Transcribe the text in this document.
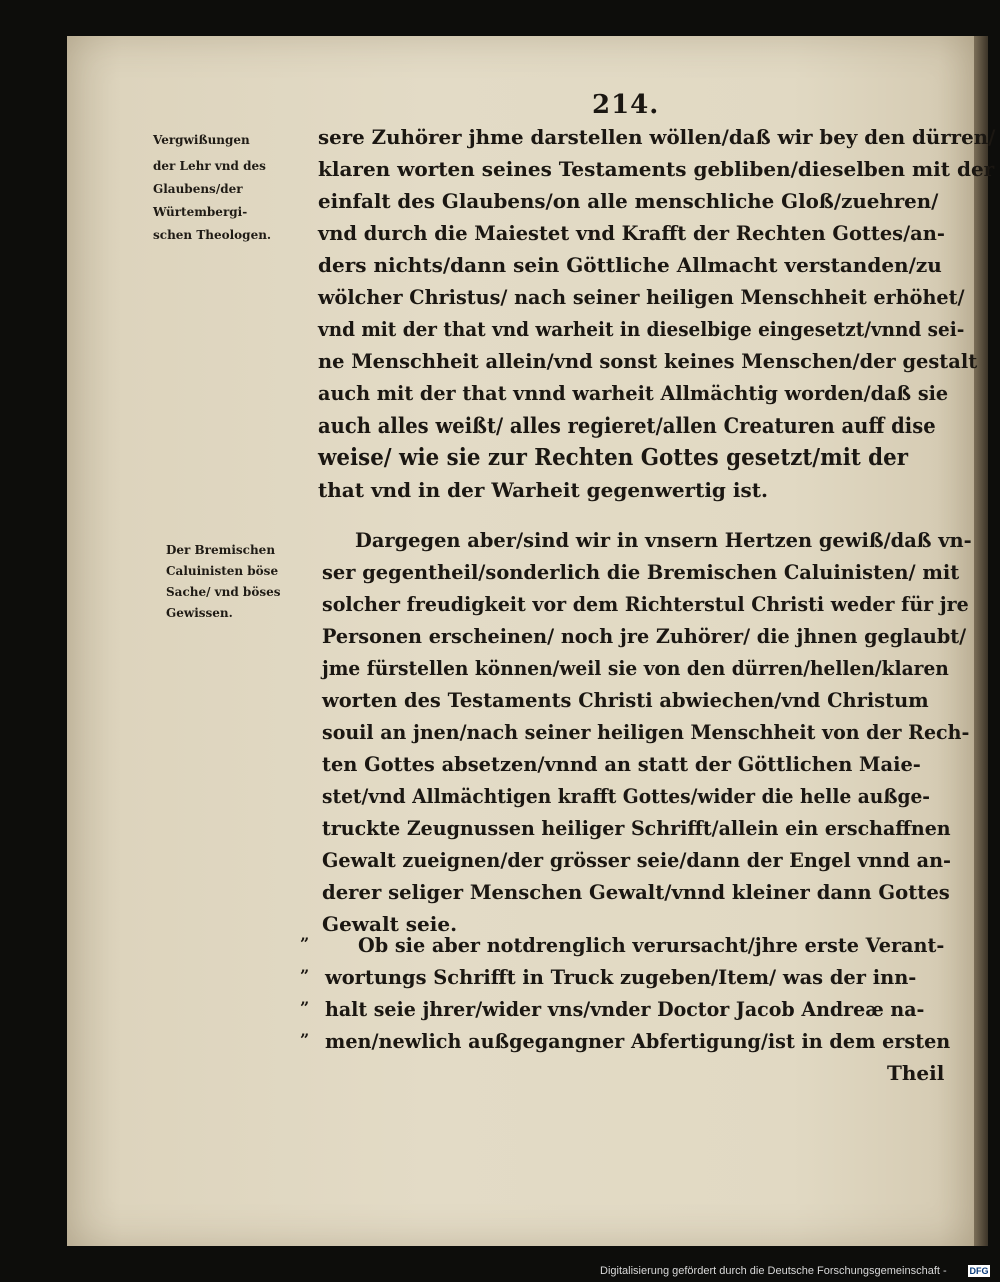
214.
Vergwißungen
der Lehr vnd des
Glaubens/der
Würtembergi-
schen Theologen.
Der Bremischen
Caluinisten böse
Sache/ vnd böses
Gewissen.
sere Zuhörer jhme darstellen wöllen/daß wir bey den dürren/
klaren worten seines Testaments gebliben/dieselben mit der
einfalt des Glaubens/on alle menschliche Gloß/zuehren/
vnd durch die Maiestet vnd Krafft der Rechten Gottes/an-
ders nichts/dann sein Göttliche Allmacht verstanden/zu
wölcher Christus/ nach seiner heiligen Menschheit erhöhet/
vnd mit der that vnd warheit in dieselbige eingesetzt/vnnd sei-
ne Menschheit allein/vnd sonst keines Menschen/der gestalt
auch mit der that vnnd warheit Allmächtig worden/daß sie
auch alles weißt/ alles regieret/allen Creaturen auff dise
weise/ wie sie zur Rechten Gottes gesetzt/mit der
that vnd in der Warheit gegenwertig ist.
Dargegen aber/sind wir in vnsern Hertzen gewiß/daß vn-
ser gegentheil/sonderlich die Bremischen Caluinisten/ mit
solcher freudigkeit vor dem Richterstul Christi weder für jre
Personen erscheinen/ noch jre Zuhörer/ die jhnen geglaubt/
jme fürstellen können/weil sie von den dürren/hellen/klaren
worten des Testaments Christi abwiechen/vnd Christum
souil an jnen/nach seiner heiligen Menschheit von der Rech-
ten Gottes absetzen/vnnd an statt der Göttlichen Maie-
stet/vnd Allmächtigen krafft Gottes/wider die helle außge-
truckte Zeugnussen heiliger Schrifft/allein ein erschaffnen
Gewalt zueignen/der grösser seie/dann der Engel vnnd an-
derer seliger Menschen Gewalt/vnnd kleiner dann Gottes
Gewalt seie.
”
”
”
”
Ob sie aber notdrenglich verursacht/jhre erste Verant-
wortungs Schrifft in Truck zugeben/Item/ was der inn-
halt seie jhrer/wider vns/vnder Doctor Jacob Andreæ na-
men/newlich außgegangner Abfertigung/ist in dem ersten
Theil
Digitalisierung gefördert durch die Deutsche Forschungsgemeinschaft -	DFG
